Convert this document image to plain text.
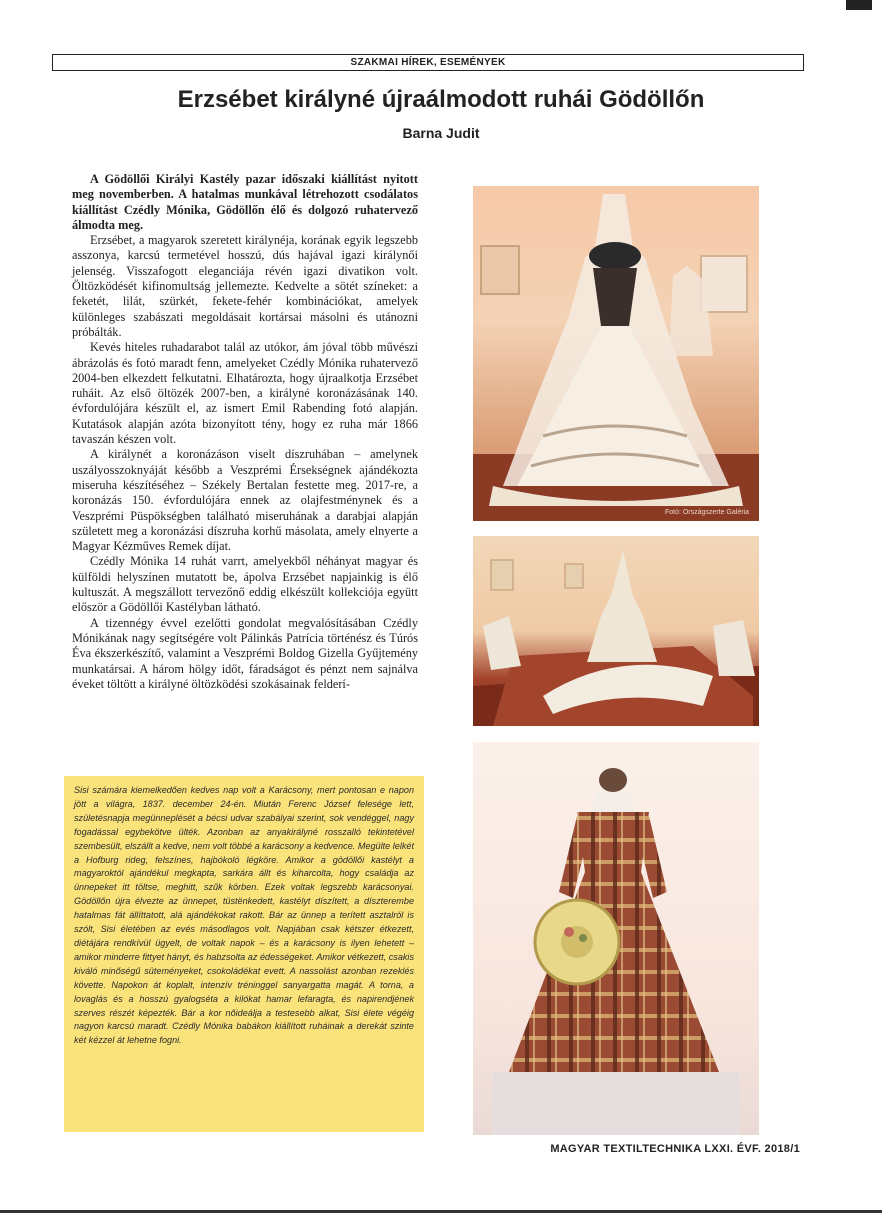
SZAKMAI HÍREK, ESEMÉNYEK
Erzsébet királyné újraálmodott ruhái Gödöllőn
Barna Judit

A Gödöllői Királyi Kastély pazar időszaki kiállítást nyitott meg novemberben. A hatalmas munkával létrehozott csodálatos kiállítást Czédly Mónika, Gödöllőn élő és dolgozó ruhatervező álmodta meg.

Erzsébet, a magyarok szeretett királynéja, korának egyik legszebb asszonya, karcsú termetével hosszú, dús hajával igazi királynői jelenség. Visszafogott eleganciája révén igazi divatikon volt. Öltözködését kifinomultság jellemezte. Kedvelte a sötét színeket: a feketét, lilát, szürkét, fekete-fehér kombinációkat, amelyek különleges szabászati megoldásait kortársai másolni és utánozni próbálták.

Kevés hiteles ruhadarabot talál az utókor, ám jóval több művészi ábrázolás és fotó maradt fenn, amelyeket Czédly Mónika ruhatervező 2004-ben elkezdett felkutatni. Elhatározta, hogy újraalkotja Erzsébet ruháit. Az első öltözék 2007-ben, a királyné koronázásának 140. évfordulójára készült el, az ismert Emil Rabending fotó alapján. Kutatások alapján azóta bizonyított tény, hogy ez ruha már 1866 tavaszán készen volt.

A királynét a koronázáson viselt díszruhában – amelynek uszályosszoknyáját később a Veszprémi Érsekségnek ajándékozta miseruha készítéséhez – Székely Bertalan festette meg. 2017-re, a koronázás 150. évfordulójára ennek az olajfestménynek és a Veszprémi Püspökségben található miseruhának a darabjai alapján született meg a koronázási díszruha korhű másolata, amely elnyerte a Magyar Kézműves Remek díjat.

Czédly Mónika 14 ruhát varrt, amelyekből néhányat magyar és külföldi helyszínen mutatott be, ápolva Erzsébet napjainkig is élő kultuszát. A megszállott tervezőnő eddig elkészült kollekciója együtt először a Gödöllői Kastélyban látható.

A tizennégy évvel ezelőtti gondolat megvalósításában Czédly Mónikának nagy segítségére volt Pálinkás Patrícia történész és Túrós Éva ékszerkészítő, valamint a Veszprémi Boldog Gizella Gyűjtemény munkatársai. A három hölgy időt, fáradságot és pénzt nem sajnálva éveket töltött a királyné öltözködési szokásainak felderí-

Sisi számára kiemelkedően kedves nap volt a Karácsony, mert pontosan e napon jött a világra, 1837. december 24-én. Miután Ferenc József felesége lett, születésnapja megünneplését a bécsi udvar szabályai szerint, sok vendéggel, nagy fogadással egybekötve ülték. Azonban az anyakirályné rosszalló tekintetével szembesült, elszállt a kedve, nem volt többé a karácsony a kedvence. Megülte lelkét a Hofburg rideg, felszínes, hajbókoló légköre. Amikor a gödöllői kastélyt a magyaroktól ajándékul megkapta, sarkára állt és kiharcolta, hogy családja az ünnepeket itt töltse, meghitt, szűk körben. Ezek voltak legszebb karácsonyai. Gödöllőn újra élvezte az ünnepet, tüstënkedett, kastélyt díszített, a díszterembe hatalmas fát állíttatott, alá ajándékokat rakott. Bár az ünnep a terített asztalról is szólt, Sisi életében az evés másodlagos volt. Napjában csak kétszer étkezett, diétájára rendkívül ügyelt, de voltak napok – és a karácsony is ilyen lehetett – amikor minderre fittyet hányt, és habzsolta az édességeket. Amikor vétkezett, csakis kiváló minőségű süteményeket, csokoládékat evett. A nassolást azonban rezeklés követte. Napokon át koplalt, intenzív tréninggel sanyargatta magát. A torna, a lovaglás és a hosszú gyalogséta a kilókat hamar lefaragta, és napirendjének szerves részét képezték. Bár a kor nőideálja a testesebb alkat, Sisi élete végéig nagyon karcsú maradt. Czédly Mónika babákon kiállított ruháinak a derekát szinte két kézzel át lehetne fogni.

Fotó: Országszerte Galéria
MAGYAR TEXTILTECHNIKA LXXI. ÉVF. 2018/1
